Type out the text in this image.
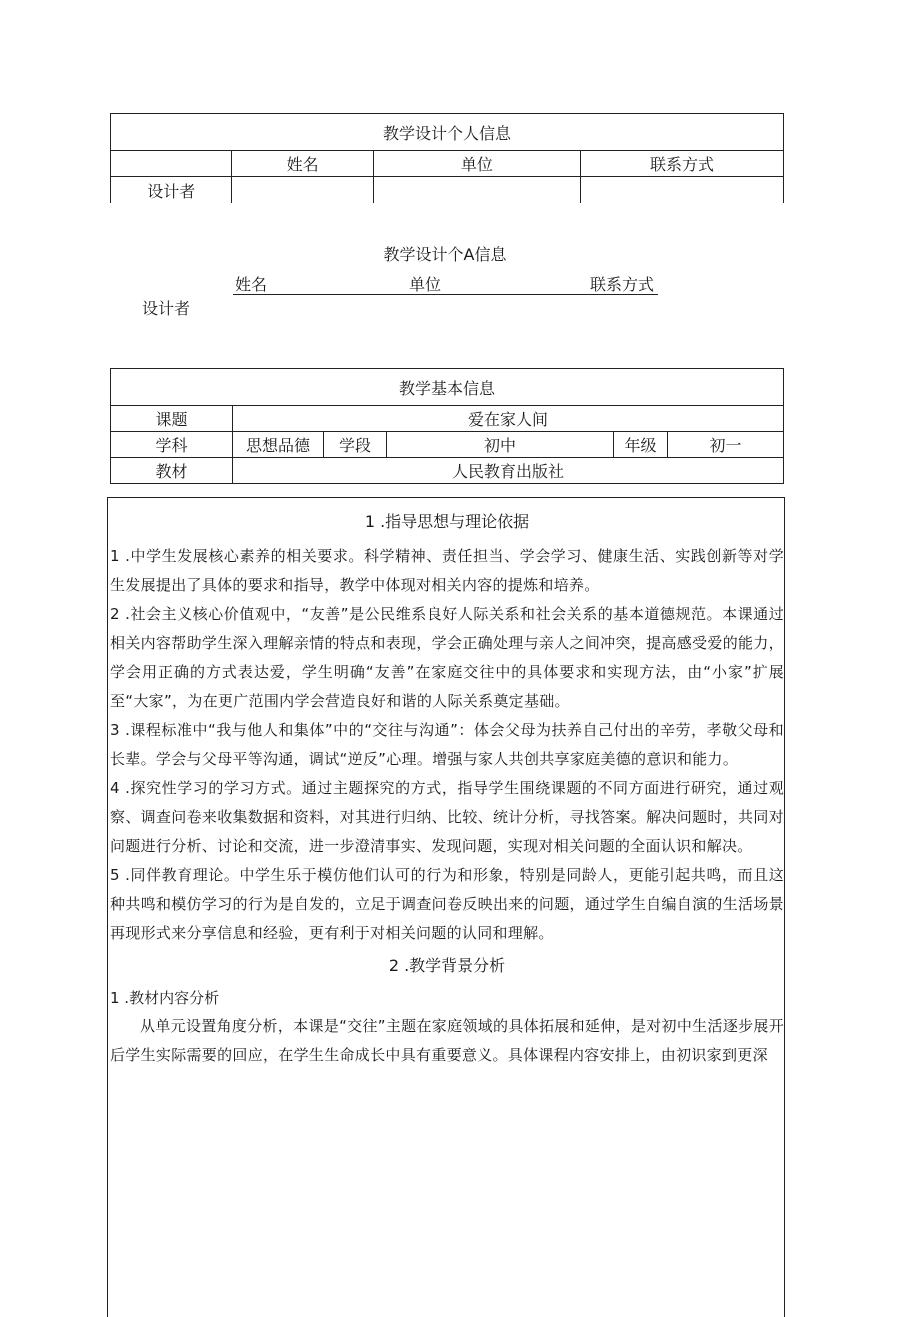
教学设计个人信息			
	姓名	单位	联系方式
设计者			
教学设计个A信息
姓名	单位	联系方式
设计者
教学基本信息					
课题	爱在家人间				
学科	思想品德	学段	初中	年级	初一
教材	人民教育出版社				
1 .指导思想与理论依据

1 .中学生发展核心素养的相关要求。科学精神、责任担当、学会学习、健康生活、实践创新等对学生发展提出了具体的要求和指导，教学中体现对相关内容的提炼和培养。

2 .社会主义核心价值观中，“友善”是公民维系良好人际关系和社会关系的基本道德规范。本课通过相关内容帮助学生深入理解亲情的特点和表现，学会正确处理与亲人之间冲突，提高感受爱的能力，学会用正确的方式表达爱，学生明确“友善”在家庭交往中的具体要求和实现方法，由“小家”扩展至“大家”，为在更广范围内学会营造良好和谐的人际关系奠定基础。

3 .课程标准中“我与他人和集体”中的“交往与沟通”：体会父母为扶养自己付出的辛劳，孝敬父母和长辈。学会与父母平等沟通，调试“逆反”心理。增强与家人共创共享家庭美德的意识和能力。

4 .探究性学习的学习方式。通过主题探究的方式，指导学生围绕课题的不同方面进行研究，通过观察、调查问卷来收集数据和资料，对其进行归纳、比较、统计分析，寻找答案。解决问题时，共同对问题进行分析、讨论和交流，进一步澄清事实、发现问题，实现对相关问题的全面认识和解决。

5 .同伴教育理论。中学生乐于模仿他们认可的行为和形象，特别是同龄人，更能引起共鸣，而且这种共鸣和模仿学习的行为是自发的，立足于调查问卷反映出来的问题，通过学生自编自演的生活场景再现形式来分享信息和经验，更有利于对相关问题的认同和理解。

2 .教学背景分析

1 .教材内容分析

从单元设置角度分析，本课是“交往”主题在家庭领域的具体拓展和延伸，是对初中生活逐步展开后学生实际需要的回应，在学生生命成长中具有重要意义。具体课程内容安排上，由初识家到更深
